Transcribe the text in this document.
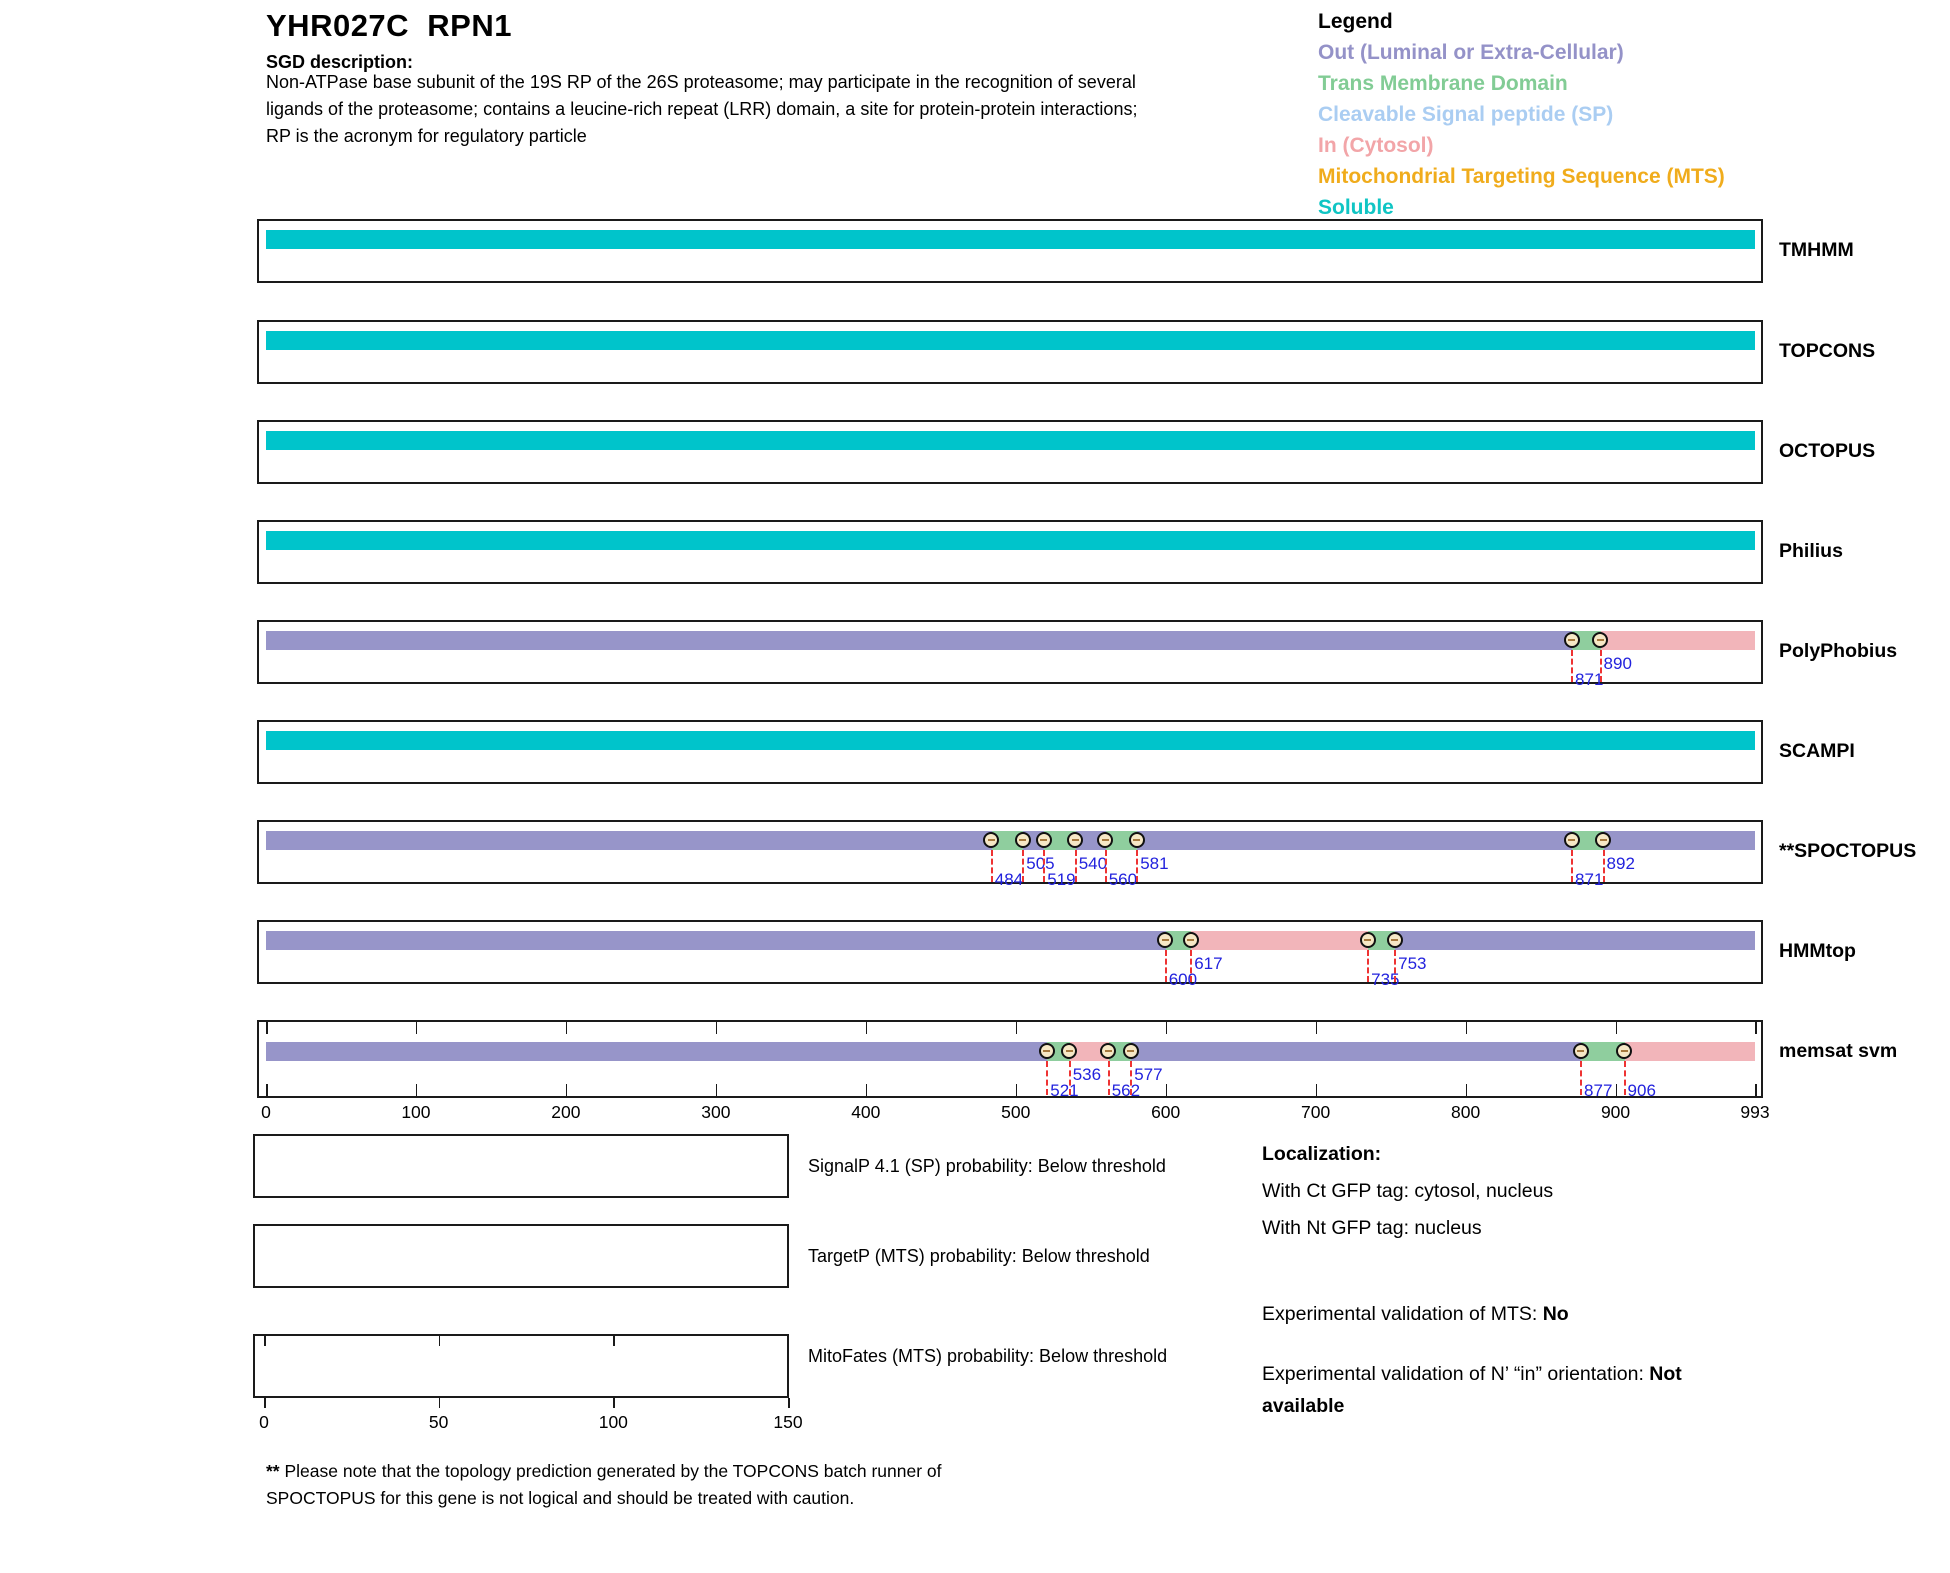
YHR027C  RPN1
SGD description:
Non-ATPase base subunit of the 19S RP of the 26S proteasome; may participate in the recognition of several
ligands of the proteasome; contains a leucine-rich repeat (LRR) domain, a site for protein-protein interactions;
RP is the acronym for regulatory particle
Legend
Out (Luminal or Extra-Cellular)
Trans Membrane Domain
Cleavable Signal peptide (SP)
In (Cytosol)
Mitochondrial Targeting Sequence (MTS)
Soluble
TMHMM
TOPCONS
OCTOPUS
Philius
871
890
PolyPhobius
SCAMPI
484
505
519
540
560
581
871
892
**SPOCTOPUS
600
617
735
753
HMMtop
521
536
562
577
877 906
memsat svm
0	100	200	300	400	500	600	700	800	900	993
SignalP 4.1 (SP) probability: Below threshold
TargetP (MTS) probability: Below threshold
MitoFates (MTS) probability: Below threshold
0	50	100	150
Localization:
With Ct GFP tag: cytosol, nucleus
With Nt GFP tag: nucleus
Experimental validation of MTS: No
Experimental validation of N’ “in” orientation: Not
available
** Please note that the topology prediction generated by the TOPCONS batch runner of
SPOCTOPUS for this gene is not logical and should be treated with caution.
